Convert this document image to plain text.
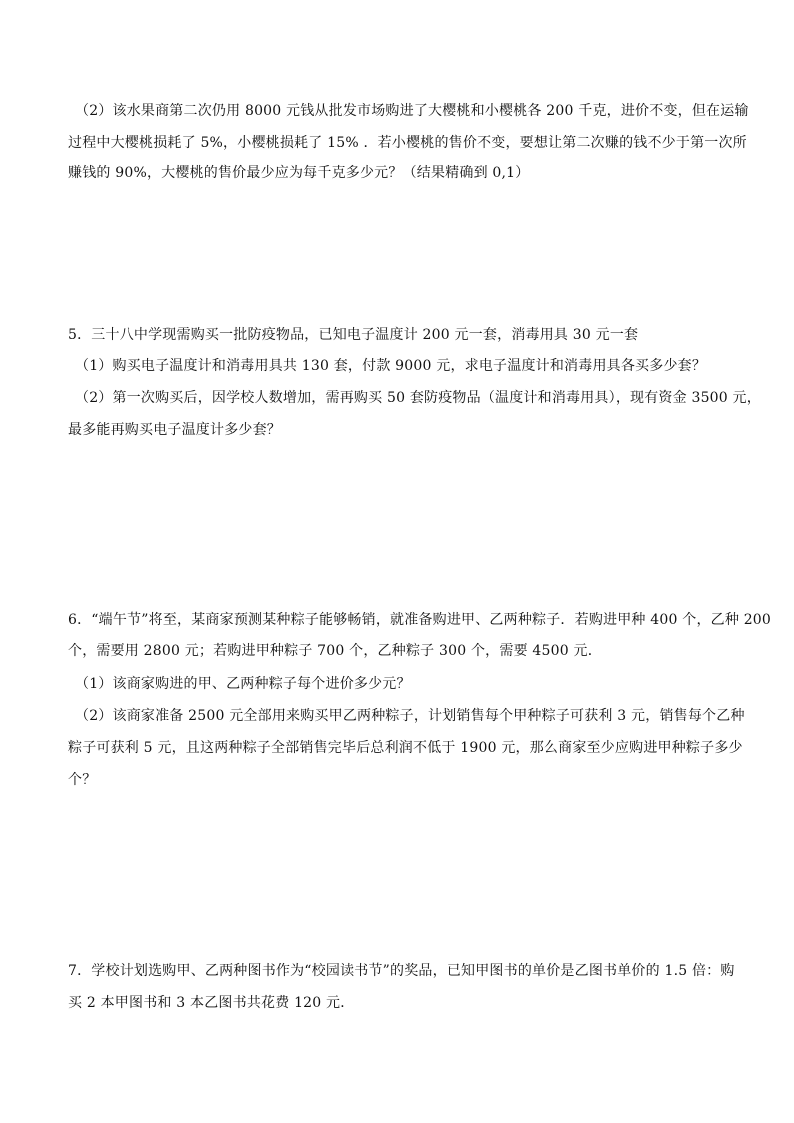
（2）该水果商第二次仍用 8000 元钱从批发市场购进了大樱桃和小樱桃各 200 千克，进价不变，但在运输
过程中大樱桃损耗了 5%，小樱桃损耗了 15% ．若小樱桃的售价不变，要想让第二次赚的钱不少于第一次所
赚钱的 90%，大樱桃的售价最少应为每千克多少元？（结果精确到 0,1）
5．三十八中学现需购买一批防疫物品，已知电子温度计 200 元一套，消毒用具 30 元一套
（1）购买电子温度计和消毒用具共 130 套，付款 9000 元，求电子温度计和消毒用具各买多少套？
（2）第一次购买后，因学校人数增加，需再购买 50 套防疫物品（温度计和消毒用具），现有资金 3500 元，
最多能再购买电子温度计多少套？
6．“端午节”将至，某商家预测某种粽子能够畅销，就准备购进甲、乙两种粽子．若购进甲种 400 个，乙种 200
个，需要用 2800 元；若购进甲种粽子 700 个，乙种粽子 300 个，需要 4500 元．
（1）该商家购进的甲、乙两种粽子每个进价多少元？
（2）该商家准备 2500 元全部用来购买甲乙两种粽子，计划销售每个甲种粽子可获利 3 元，销售每个乙种
粽子可获利 5 元，且这两种粽子全部销售完毕后总利润不低于 1900 元，那么商家至少应购进甲种粽子多少
个？
7．学校计划选购甲、乙两种图书作为“校园读书节”的奖品，已知甲图书的单价是乙图书单价的 1.5 倍：购
买 2 本甲图书和 3 本乙图书共花费 120 元．
